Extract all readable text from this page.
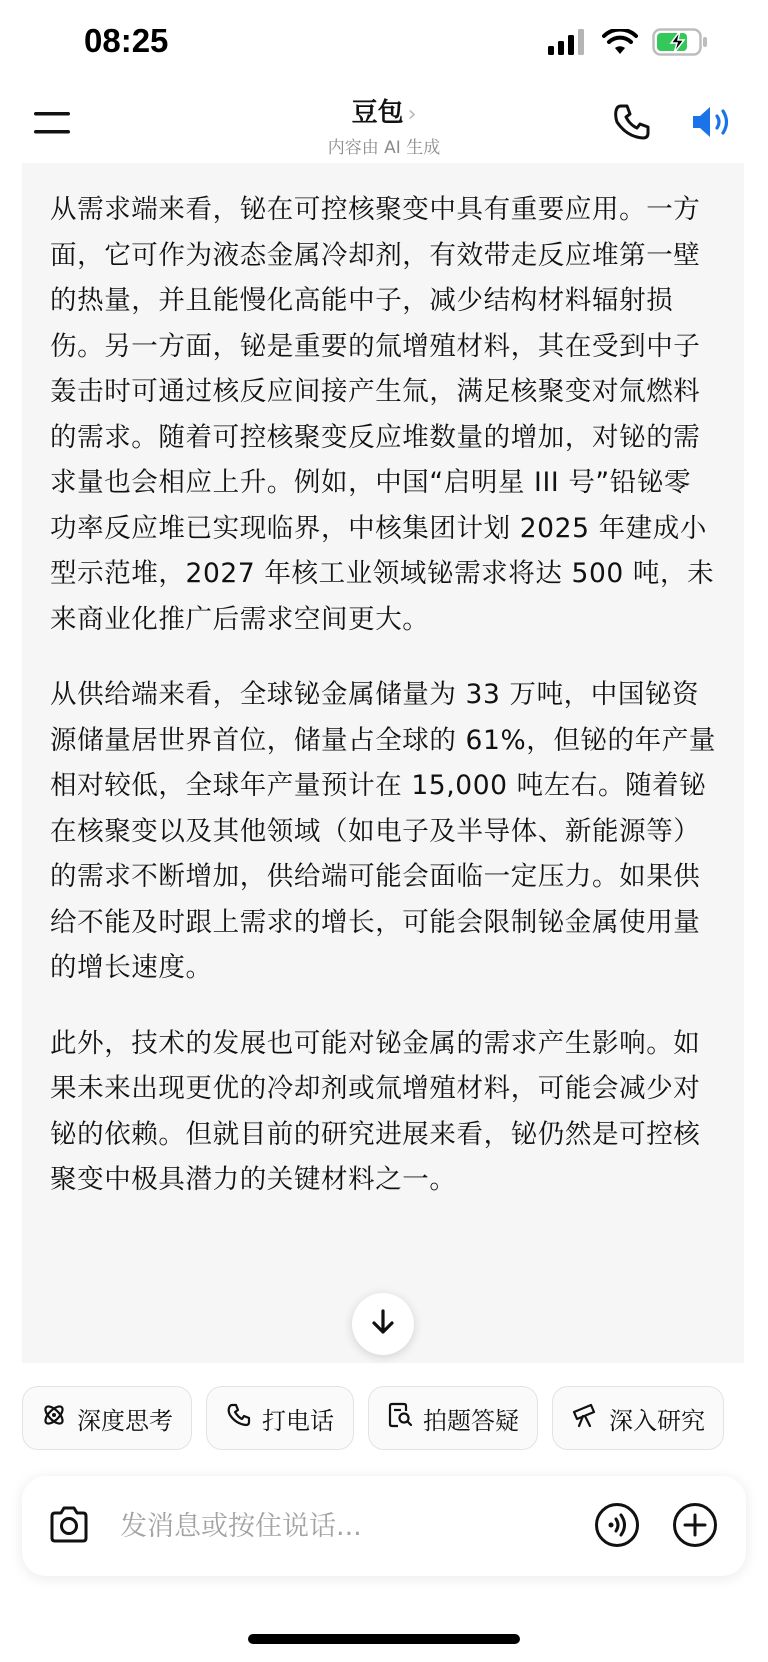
08:25
豆包 ›
内容由 AI 生成

从需求端来看，铋在可控核聚变中具有重要应用。一方面，它可作为液态金属冷却剂，有效带走反应堆第一壁的热量，并且能慢化高能中子，减少结构材料辐射损伤。另一方面，铋是重要的氚增殖材料，其在受到中子轰击时可通过核反应间接产生氚，满足核聚变对氚燃料的需求。随着可控核聚变反应堆数量的增加，对铋的需求量也会相应上升。例如，中国“启明星 III 号”铅铋零功率反应堆已实现临界，中核集团计划 2025 年建成小型示范堆，2027 年核工业领域铋需求将达 500 吨，未来商业化推广后需求空间更大。

从供给端来看，全球铋金属储量为 33 万吨，中国铋资源储量居世界首位，储量占全球的 61%，但铋的年产量相对较低，全球年产量预计在 15,000 吨左右。随着铋在核聚变以及其他领域（如电子及半导体、新能源等）的需求不断增加，供给端可能会面临一定压力。如果供给不能及时跟上需求的增长，可能会限制铋金属使用量的增长速度。

此外，技术的发展也可能对铋金属的需求产生影响。如果未来出现更优的冷却剂或氚增殖材料，可能会减少对铋的依赖。但就目前的研究进展来看，铋仍然是可控核聚变中极具潜力的关键材料之一。

深度思考	打电话	拍题答疑	深入研究
发消息或按住说话...
